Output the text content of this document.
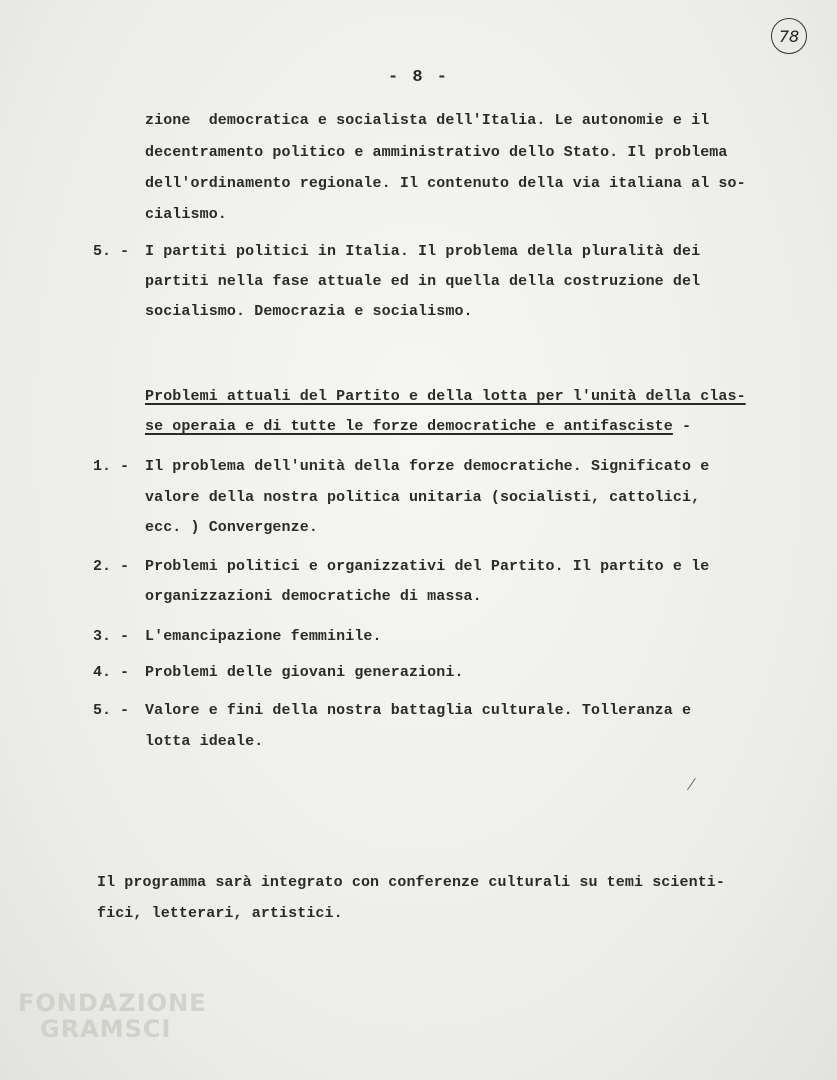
78
- 8 -
zione  democratica e socialista dell'Italia. Le autonomie e il
decentramento politico e amministrativo dello Stato. Il problema
dell'ordinamento regionale. Il contenuto della via italiana al so-
cialismo.
5. - I partiti politici in Italia. Il problema della pluralità dei
partiti nella fase attuale ed in quella della costruzione del
socialismo. Democrazia e socialismo.
Problemi attuali del Partito e della lotta per l'unità della clas-
se operaia e di tutte le forze democratiche e antifasciste -
1. - Il problema dell'unità della forze democratiche. Significato e
valore della nostra politica unitaria (socialisti, cattolici,
ecc. ) Convergenze.
2. - Problemi politici e organizzativi del Partito. Il partito e le
organizzazioni democratiche di massa.
3. - L'emancipazione femminile.
4. - Problemi delle giovani generazioni.
5. - Valore e fini della nostra battaglia culturale. Tolleranza e
lotta ideale.
Il programma sarà integrato con conferenze culturali su temi scienti-
fici, letterari, artistici.
FONDAZIONE
GRAMSCI
